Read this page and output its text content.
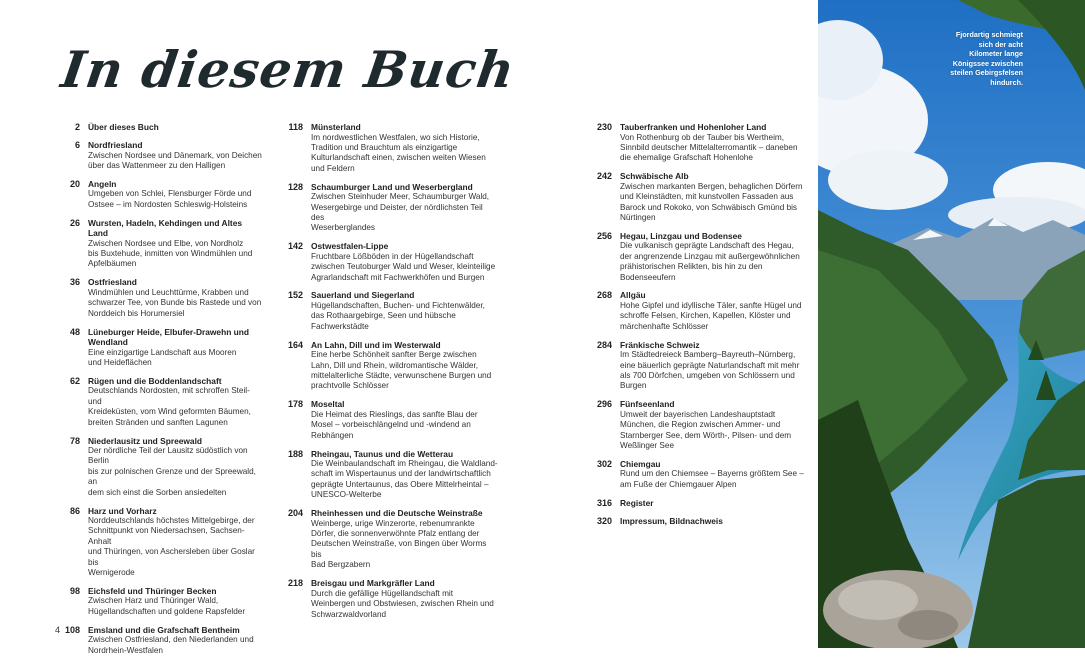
In diesem Buch
2 Über dieses Buch
6 Nordfriesland
Zwischen Nordsee und Dänemark, von Deichen
über das Wattenmeer zu den Halligen
20 Angeln
Umgeben von Schlei, Flensburger Förde und
Ostsee – im Nordosten Schleswig-Holsteins
26 Wursten, Hadeln, Kehdingen und Altes Land
Zwischen Nordsee und Elbe, von Nordholz
bis Buxtehude, inmitten von Windmühlen und
Apfelbäumen
36 Ostfriesland
Windmühlen und Leuchttürme, Krabben und
schwarzer Tee, von Bunde bis Rastede und von
Norddeich bis Horumersiel
48 Lüneburger Heide, Elbufer-Drawehn und
Wendland
Eine einzigartige Landschaft aus Mooren
und Heideflächen
62 Rügen und die Boddenlandschaft
Deutschlands Nordosten, mit schroffen Steil- und
Kreideküsten, vom Wind geformten Bäumen,
breiten Stränden und sanften Lagunen
78 Niederlausitz und Spreewald
Der nördliche Teil der Lausitz südöstlich von Berlin
bis zur polnischen Grenze und der Spreewald, an
dem sich einst die Sorben ansiedelten
86 Harz und Vorharz
Norddeutschlands höchstes Mittelgebirge, der
Schnittpunkt von Niedersachsen, Sachsen-Anhalt
und Thüringen, von Aschersleben über Goslar bis
Wernigerode
98 Eichsfeld und Thüringer Becken
Zwischen Harz und Thüringer Wald,
Hügellandschaften und goldene Rapsfelder
108 Emsland und die Grafschaft Bentheim
Zwischen Ostfriesland, den Niederlanden und
Nordrhein-Westfalen
118 Münsterland
Im nordwestlichen Westfalen, wo sich Historie,
Tradition und Brauchtum als einzigartige
Kulturlandschaft einen, zwischen weiten Wiesen
und Feldern
128 Schaumburger Land und Weserbergland
Zwischen Steinhuder Meer, Schaumburger Wald,
Wesergebirge und Deister, der nördlichsten Teil des
Weserberglandes
142 Ostwestfalen-Lippe
Fruchtbare Lößböden in der Hügellandschaft
zwischen Teutoburger Wald und Weser, kleinteilige
Agrarlandschaft mit Fachwerkhöfen und Burgen
152 Sauerland und Siegerland
Hügellandschaften, Buchen- und Fichtenwälder,
das Rothaargebirge, Seen und hübsche
Fachwerkstädte
164 An Lahn, Dill und im Westerwald
Eine herbe Schönheit sanfter Berge zwischen
Lahn, Dill und Rhein, wildromantische Wälder,
mittelalterliche Städte, verwunschene Burgen und
prachtvolle Schlösser
178 Moseltal
Die Heimat des Rieslings, das sanfte Blau der
Mosel – vorbeischlängelnd und -windend an
Rebhängen
188 Rheingau, Taunus und die Wetterau
Die Weinbaulandschaft im Rheingau, die Waldland-
schaft im Wispertaunus und der landwirtschaftlich
geprägte Untertaunus, das Obere Mittelrheintal –
UNESCO-Welterbe
204 Rheinhessen und die Deutsche Weinstraße
Weinberge, urige Winzerorte, rebenumrankte
Dörfer, die sonnenverwöhnte Pfalz entlang der
Deutschen Weinstraße, von Bingen über Worms bis
Bad Bergzabern
218 Breisgau und Markgräfler Land
Durch die gefällige Hügellandschaft mit
Weinbergen und Obstwiesen, zwischen Rhein und
Schwarzwaldvorland
230 Tauberfranken und Hohenloher Land
Von Rothenburg ob der Tauber bis Wertheim,
Sinnbild deutscher Mittelalterromantik – daneben
die ehemalige Grafschaft Hohenlohe
242 Schwäbische Alb
Zwischen markanten Bergen, behaglichen Dörfern
und Kleinstädten, mit kunstvollen Fassaden aus
Barock und Rokoko, von Schwäbisch Gmünd bis
Nürtingen
256 Hegau, Linzgau und Bodensee
Die vulkanisch geprägte Landschaft des Hegau,
der angrenzende Linzgau mit außergewöhnlichen
prähistorischen Relikten, bis hin zu den
Bodenseeufern
268 Allgäu
Hohe Gipfel und idyllische Täler, sanfte Hügel und
schroffe Felsen, Kirchen, Kapellen, Klöster und
märchenhafte Schlösser
284 Fränkische Schweiz
Im Städtedreieck Bamberg–Bayreuth–Nürnberg,
eine bäuerlich geprägte Naturlandschaft mit mehr
als 700 Dörfchen, umgeben von Schlössern und
Burgen
296 Fünfseenland
Umweit der bayerischen Landeshauptstadt
München, die Region zwischen Ammer- und
Starnberger See, dem Wörth-, Pilsen- und dem
Weßlinger See
302 Chiemgau
Rund um den Chiemsee – Bayerns größtem See –
am Fuße der Chiemgauer Alpen
316 Register
320 Impressum, Bildnachweis
4
Fjordartig schmiegt
sich der acht
Kilometer lange
Königssee zwischen
steilen Gebirgsfelsen
hindurch.
